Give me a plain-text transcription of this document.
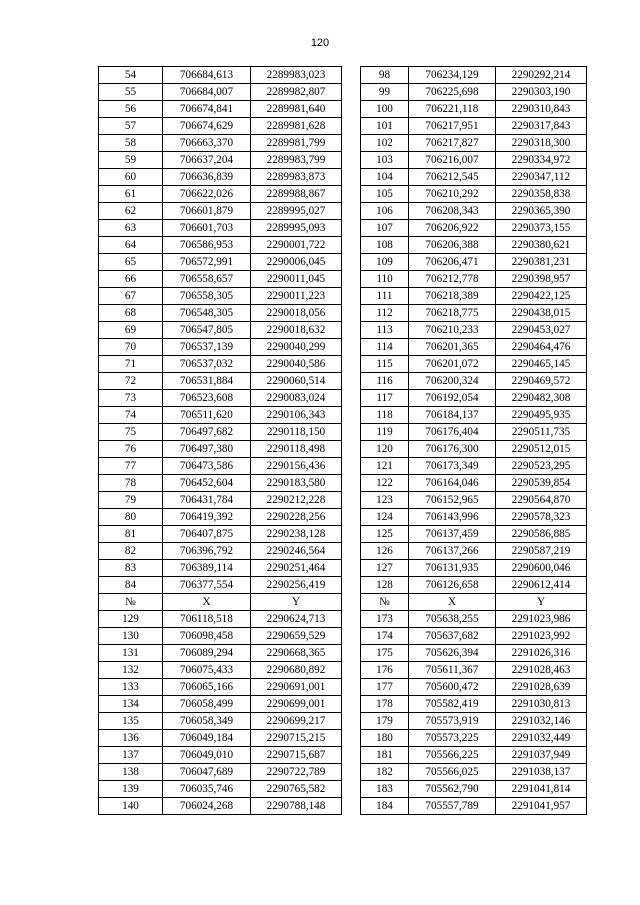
120
54	706684,613	2289983,023		98	706234,129	2290292,214
55	706684,007	2289982,807		99	706225,698	2290303,190
56	706674,841	2289981,640		100	706221,118	2290310,843
57	706674,629	2289981,628		101	706217,951	2290317,843
58	706663,370	2289981,799		102	706217,827	2290318,300
59	706637,204	2289983,799		103	706216,007	2290334,972
60	706636,839	2289983,873		104	706212,545	2290347,112
61	706622,026	2289988,867		105	706210,292	2290358,838
62	706601,879	2289995,027		106	706208,343	2290365,390
63	706601,703	2289995,093		107	706206,922	2290373,155
64	706586,953	2290001,722		108	706206,388	2290380,621
65	706572,991	2290006,045		109	706206,471	2290381,231
66	706558,657	2290011,045		110	706212,778	2290398,957
67	706558,305	2290011,223		111	706218,389	2290422,125
68	706548,305	2290018,056		112	706218,775	2290438,015
69	706547,805	2290018,632		113	706210,233	2290453,027
70	706537,139	2290040,299		114	706201,365	2290464,476
71	706537,032	2290040,586		115	706201,072	2290465,145
72	706531,884	2290060,514		116	706200,324	2290469,572
73	706523,608	2290083,024		117	706192,054	2290482,308
74	706511,620	2290106,343		118	706184,137	2290495,935
75	706497,682	2290118,150		119	706176,404	2290511,735
76	706497,380	2290118,498		120	706176,300	2290512,015
77	706473,586	2290156,436		121	706173,349	2290523,295
78	706452,604	2290183,580		122	706164,046	2290539,854
79	706431,784	2290212,228		123	706152,965	2290564,870
80	706419,392	2290228,256		124	706143,996	2290578,323
81	706407,875	2290238,128		125	706137,459	2290586,885
82	706396,792	2290246,564		126	706137,266	2290587,219
83	706389,114	2290251,464		127	706131,935	2290600,046
84	706377,554	2290256,419		128	706126,658	2290612,414
№	X	Y		№	X	Y
129	706118,518	2290624,713		173	705638,255	2291023,986
130	706098,458	2290659,529		174	705637,682	2291023,992
131	706089,294	2290668,365		175	705626,394	2291026,316
132	706075,433	2290680,892		176	705611,367	2291028,463
133	706065,166	2290691,001		177	705600,472	2291028,639
134	706058,499	2290699,001		178	705582,419	2291030,813
135	706058,349	2290699,217		179	705573,919	2291032,146
136	706049,184	2290715,215		180	705573,225	2291032,449
137	706049,010	2290715,687		181	705566,225	2291037,949
138	706047,689	2290722,789		182	705566,025	2291038,137
139	706035,746	2290765,582		183	705562,790	2291041,814
140	706024,268	2290788,148		184	705557,789	2291041,957
